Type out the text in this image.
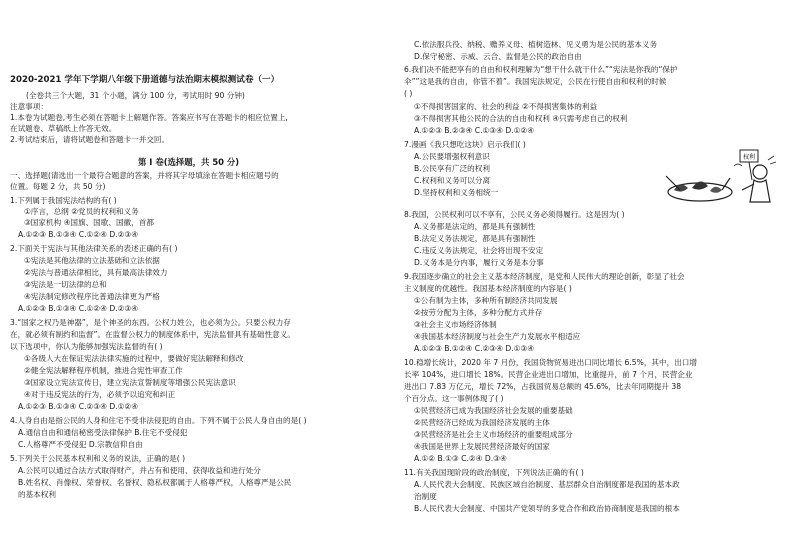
2020-2021 学年下学期八年级下册道德与法治期末模拟测试卷（一）
(全卷共三个大题，31 个小题，满分 100 分，考试用时 90 分钟)
注意事项：
1.本卷为试题卷,考生必须在答题卡上解题作答。答案应书写在答题卡的相应位置上,
在试题卷、草稿纸上作答无效。
2.考试结束后，请将试题卷和答题卡一并交回。
第 I 卷(选择题，共 50 分)
一、选择题(请选出一个最符合题意的答案，并将其字母填涂在答题卡相应题号的
位置。每题 2 分，共 50 分)
1.下列属于我国宪法结构的有( )
①序言，总纲 ②党员的权利和义务
③国家机构 ④国旗、国歌、国徽，首都
A.①②③ B.①③④ C.①②④ D.②③④
2.下面关于宪法与其他法律关系的表述正确的有( )
①宪法是其他法律的立法基础和立法依据
②宪法与普通法律相比，具有最高法律效力
③宪法是一切法律的总和
④宪法制定修改程序比普通法律更为严格
A.①②③ B.①③④ C.①②④ D.②③④
3.“国家之权乃是神器”，是个神圣的东西。公权力姓公，也必须为公。只要公权力存
在，就必须有制约和监督”。在监督公权力的制度体系中，宪法监督具有基础性意义。
以下选项中，你认为能够加强宪法监督的有( )
①各级人大在保证宪法法律实施的过程中，要做好宪法解释和修改
②健全宪法解释程序机制，推进合宪性审查工作
③国家设立宪法宣传日，建立宪法宣誓制度等增强公民宪法意识
④对于违反宪法的行为，必须予以追究和纠正
A.①②③ B.①③④ C.②③④ D.①②④
4.人身自由是指公民的人身和住宅不受非法侵犯的自由。下列不属于公民人身自由的是( )
A.通信自由和通信秘密受法律保护 B.住宅不受侵犯
C.人格尊严不受侵犯 D.宗教信仰自由
5.下列关于公民基本权利和义务的说法，正确的是( )
A.公民可以通过合法方式取得财产，并占有和使用、获得收益和进行处分
B.姓名权、肖像权、荣誉权、名誉权、隐私权都属于人格尊严权，人格尊严是公民
的基本权利
权利
C.依法服兵役、纳税、赡养义母、植树造林、见义勇为是公民的基本义务
D.保守秘密、示威、云合、监督是公民的政治自由
6.我们决不能把享有的自由和权利理解为“想干什么就干什么”“宪法是你我的“保护
伞””这是我的自由，你管不着”。我国宪法规定，公民在行使自由和权利的时候
( )
①不得损害国家的、社会的利益 ②不得损害集体的利益
③不得损害其他公民的合法的自由和权利 ④只需考虑自己的权利
A.①②③ B.②③④ C.①③④ D.①②④
7.漫画《我只想吃这块》启示我们( )
A.公民要增强权利意识
B.公民享有广泛的权利
C.权利和义务可以分离
D.坚持权利和义务相统一
8.我国，公民权利可以不享有，公民义务必须得履行。这是因为( )
A.义务都是法定的，都是具有强制性
B.法定义务法规定，都是具有强制性
C.违反义务法规定，社会将出现不安定
D.义务本是分内事，履行义务是本分事
9.我国逐步确立的社会主义基本经济制度，是党和人民伟大的理论创新，彰显了社会
主义制度的优越性。我国基本经济制度的内容是( )
①公有制为主体，多种所有制经济共同发展
②按劳分配为主体，多种分配方式并存
③社会主义市场经济体制
④我国基本经济制度与社会生产力发展水平相适应
A.①②③ B.①②④ C.②③④ D.①③④
10.稳增长统计，2020 年 7 月份，我国货物贸易进出口同比增长 6.5%，其中，出口增
长率 104%，进口增长 18%。民营企业进出口增加，比重提升，前 7 个月，民营企业
进出口 7.83 万亿元，增长 72%，占我国贸易总额的 45.6%，比去年同期提升 38
个百分点。这一事例体现了( )
①民营经济已成为我国经济社会发展的重要基础
②民营经济已经成为我国经济发展的主体
③民营经济是社会主义市场经济的重要组成部分
④我国是世界上发展民营经济最好的国家
A.①② B.①③ C.②④ D.③④
11.有关我国现阶段的政治制度，下列说法正确的有( )
A.人民代表大会制度、民族区域自治制度、基层群众自治制度都是我国的基本政
治制度
B.人民代表大会制度、中国共产党领导的多党合作和政治协商制度是我国的根本
